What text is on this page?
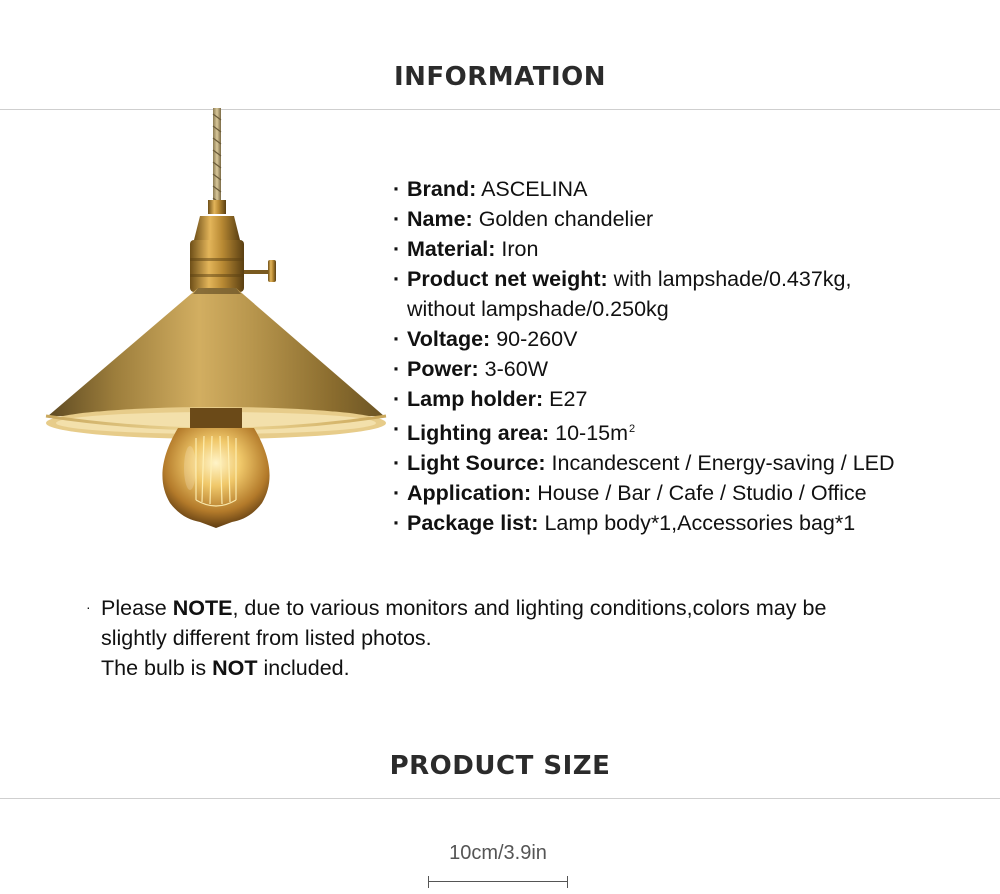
INFORMATION
· Brand: ASCELINA
· Name: Golden chandelier
· Material: Iron
· Product net weight: with lampshade/0.437kg,
without lampshade/0.250kg
· Voltage: 90-260V
· Power: 3-60W
· Lamp holder: E27
· Lighting area: $10-15m^2$
· Light Source: Incandescent / Energy-saving / LED
· Application: House / Bar / Cafe / Studio / Office
· Package list: Lamp body*1,Accessories bag*1
· Please NOTE, due to various monitors and lighting conditions,colors may be
slightly different from listed photos.
The bulb is NOT included.
PRODUCT SIZE
10cm/3.9in
